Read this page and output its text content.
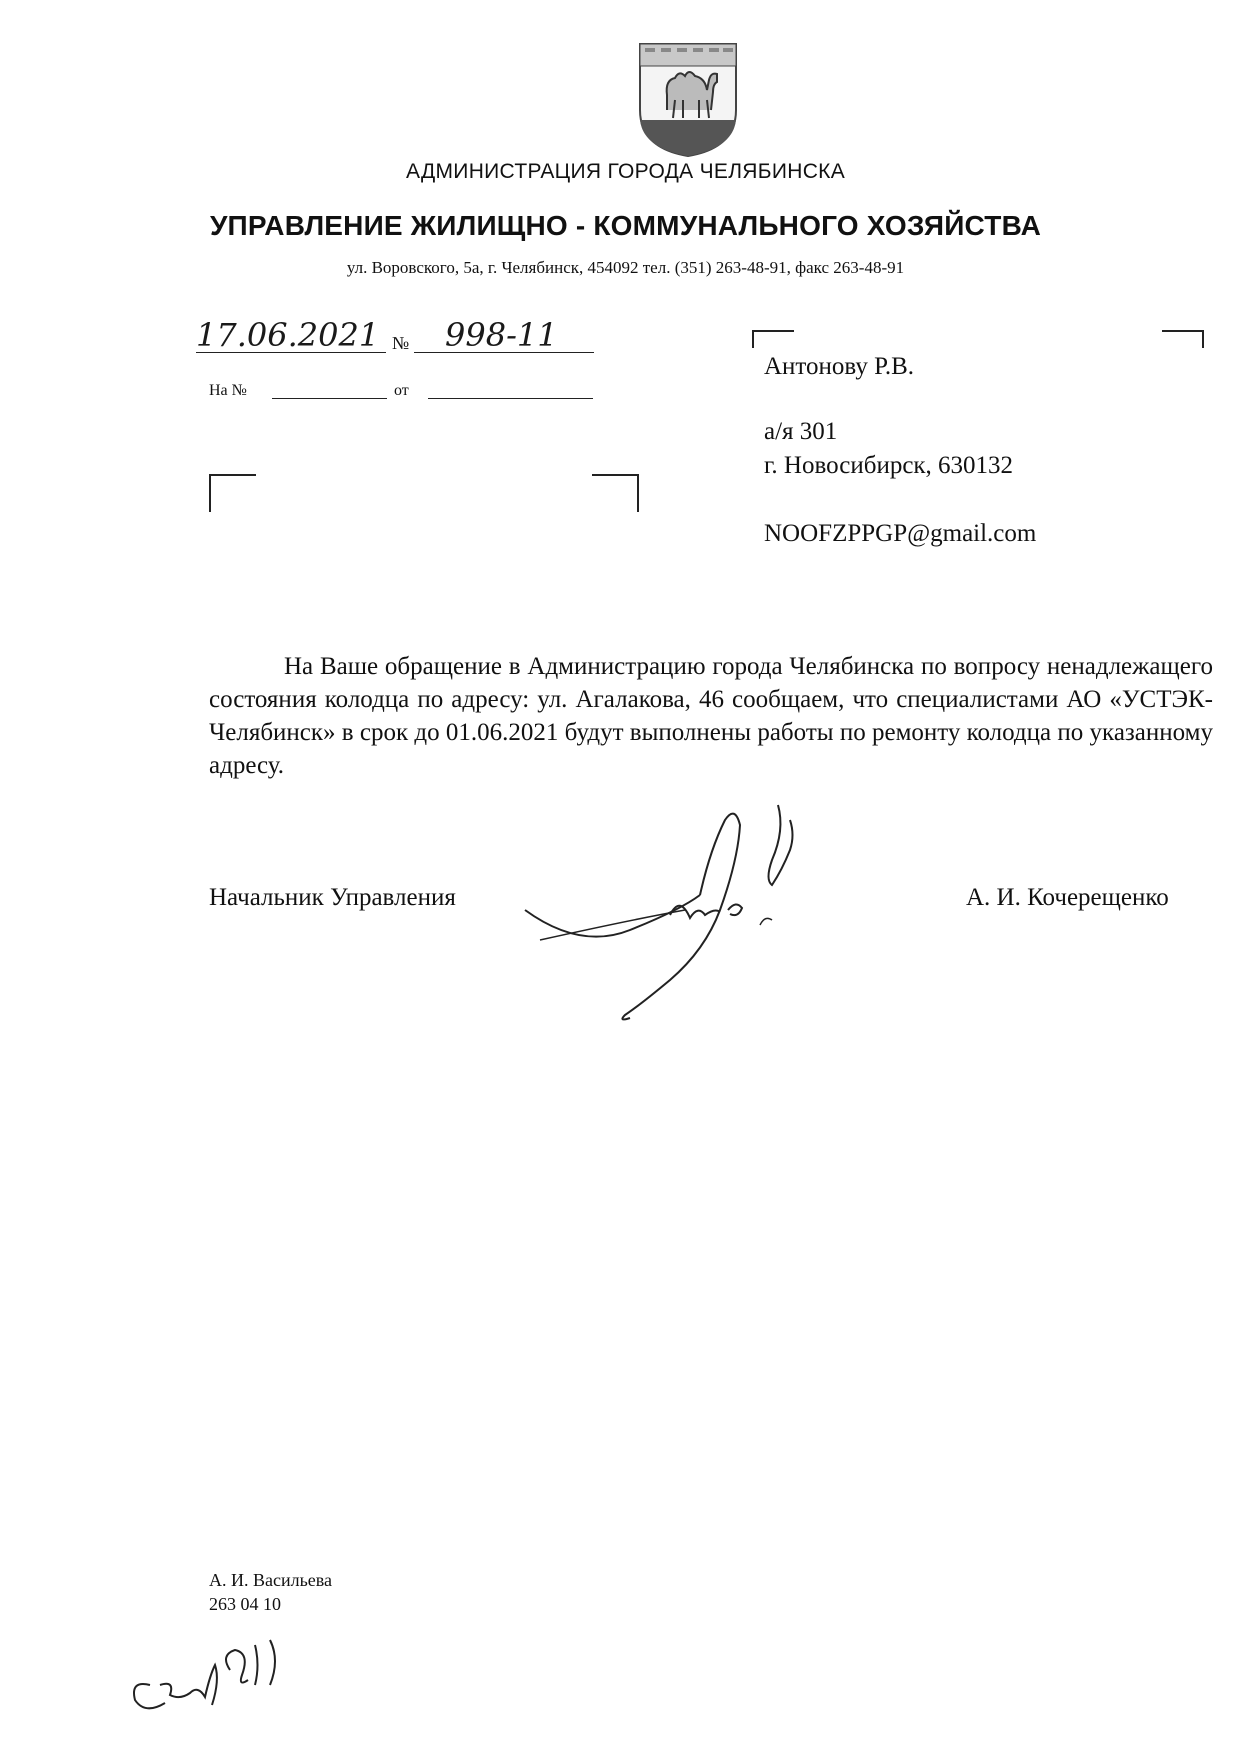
АДМИНИСТРАЦИЯ ГОРОДА ЧЕЛЯБИНСКА
УПРАВЛЕНИЕ ЖИЛИЩНО - КОММУНАЛЬНОГО ХОЗЯЙСТВА
ул. Воровского, 5а, г. Челябинск, 454092 тел. (351) 263-48-91, факс 263-48-91
17.06.2021 № 998-11
На №	от
Антонову Р.В.
а/я 301
г. Новосибирск, 630132
NOOFZPPGP@gmail.com
На Ваше обращение в Администрацию города Челябинска по вопросу ненадлежащего состояния колодца по адресу: ул. Агалакова, 46 сообщаем, что специалистами АО «УСТЭК-Челябинск» в срок до 01.06.2021 будут выполнены работы по ремонту колодца по указанному адресу.
Начальник Управления	А. И. Кочерещенко
А. И. Васильева
263 04 10
